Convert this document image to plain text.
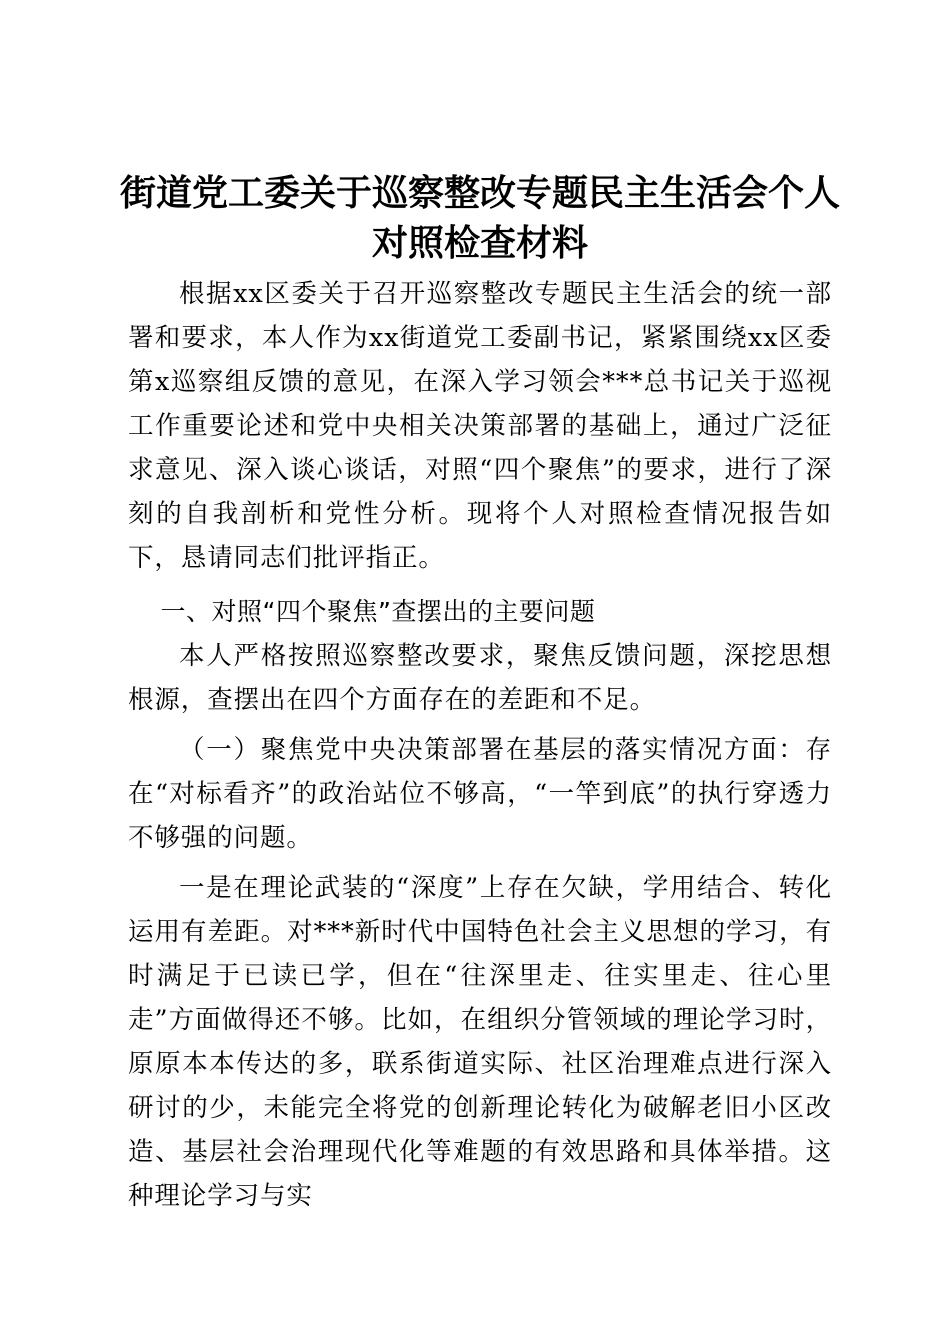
街道党工委关于巡察整改专题民主生活会个人
对照检查材料

根据xx区委关于召开巡察整改专题民主生活会的统一部署和要求，本人作为xx街道党工委副书记，紧紧围绕xx区委第x巡察组反馈的意见，在深入学习领会***总书记关于巡视工作重要论述和党中央相关决策部署的基础上，通过广泛征求意见、深入谈心谈话，对照“四个聚焦”的要求，进行了深刻的自我剖析和党性分析。现将个人对照检查情况报告如下，恳请同志们批评指正。

一、对照“四个聚焦”查摆出的主要问题

本人严格按照巡察整改要求，聚焦反馈问题，深挖思想根源，查摆出在四个方面存在的差距和不足。

（一）聚焦党中央决策部署在基层的落实情况方面：存在“对标看齐”的政治站位不够高，“一竿到底”的执行穿透力不够强的问题。

一是在理论武装的“深度”上存在欠缺，学用结合、转化运用有差距。对***新时代中国特色社会主义思想的学习，有时满足于已读已学，但在“往深里走、往实里走、往心里走”方面做得还不够。比如，在组织分管领域的理论学习时，原原本本传达的多，联系街道实际、社区治理难点进行深入研讨的少，未能完全将党的创新理论转化为破解老旧小区改造、基层社会治理现代化等难题的有效思路和具体举措。这种理论学习与实
